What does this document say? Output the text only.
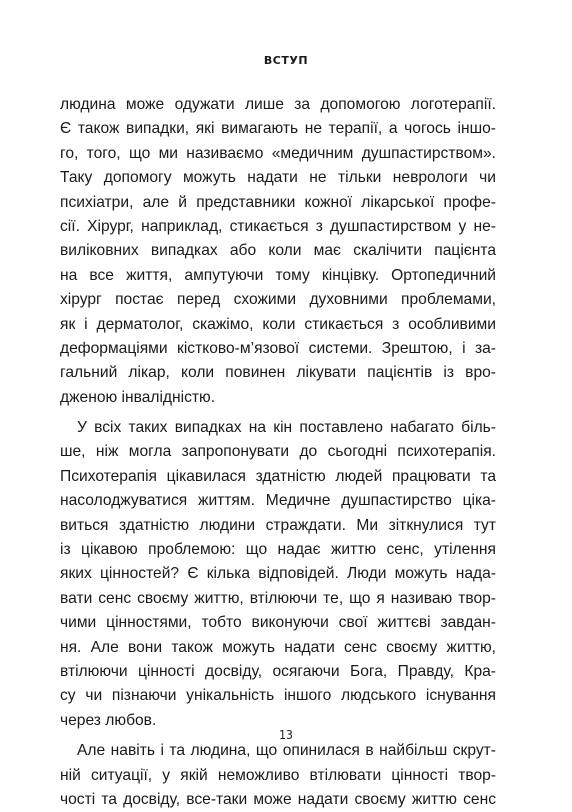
ВСТУП
людина може одужати лише за допомогою логотерапії.
Є також випадки, які вимагають не терапії, а чогось іншо-
го, того, що ми називаємо «медичним душпастирством».
Таку допомогу можуть надати не тільки неврологи чи
психіатри, але й представники кожної лікарської профе-
сії. Хірург, наприклад, стикається з душпастирством у не-
виліковних випадках або коли має скалічити пацієнта
на все життя, ампутуючи тому кінцівку. Ортопедичний
хірург постає перед схожими духовними проблемами,
як і дерматолог, скажімо, коли стикається з особливими
деформаціями кістково-м’язової системи. Зрештою, і за-
гальний лікар, коли повинен лікувати пацієнтів із вро-
дженою інвалідністю.
У всіх таких випадках на кін поставлено набагато біль-
ше, ніж могла запропонувати до сьогодні психотерапія.
Психотерапія цікавилася здатністю людей працювати та
насолоджуватися життям. Медичне душпастирство ціка-
виться здатністю людини страждати. Ми зіткнулися тут
із цікавою проблемою: що надає життю сенс, утілення
яких цінностей? Є кілька відповідей. Люди можуть нада-
вати сенс своєму життю, втілюючи те, що я називаю твор-
чими цінностями, тобто виконуючи свої життєві завдан-
ня. Але вони також можуть надати сенс своєму життю,
втілюючи цінності досвіду, осягаючи Бога, Правду, Кра-
су чи пізнаючи унікальність іншого людського існування
через любов.
Але навіть і та людина, що опинилася в найбільш скрут-
ній ситуації, у якій неможливо втілювати цінності твор-
чості та досвіду, все-таки може надати своєму життю сенс
13
